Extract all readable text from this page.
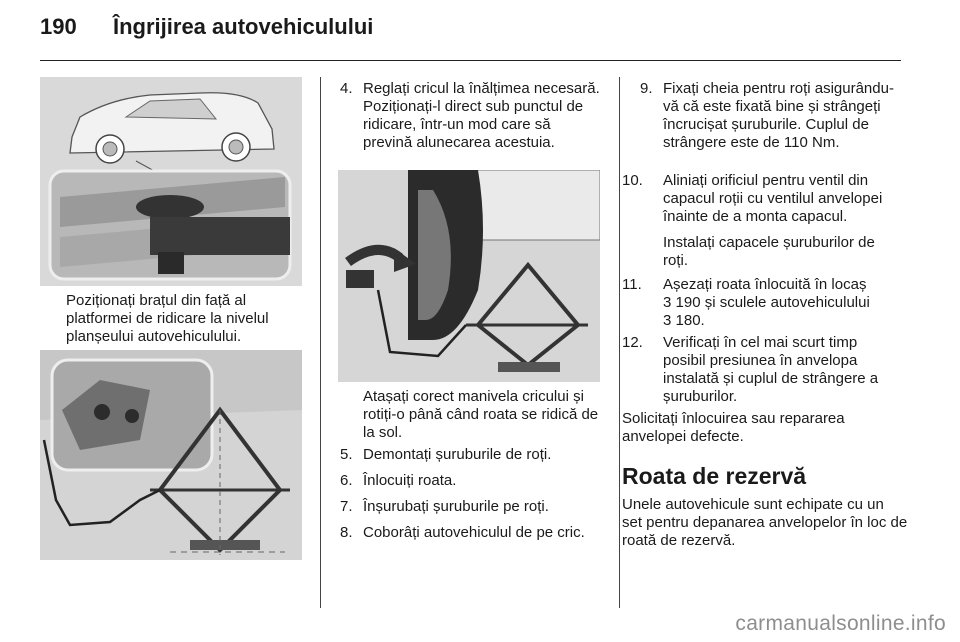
190 Îngrijirea autovehiculului
Poziționați brațul din față al platformei de ridicare la nivelul planșeului autovehiculului.
4. Reglați cricul la înălțimea necesară. Poziționați-l direct sub punctul de ridicare, într-un mod care să prevină alunecarea acestuia.
Atașați corect manivela cricului și rotiți-o până când roata se ridică de la sol.
5. Demontați șuruburile de roți.
6. Înlocuiți roata.
7. Înșurubați șuruburile pe roți.
8. Coborâți autovehiculul de pe cric.
9. Fixați cheia pentru roți asigurându-vă că este fixată bine și strângeți încrucișat șuruburile. Cuplul de strângere este de 110 Nm.
10. Aliniați orificiul pentru ventil din capacul roții cu ventilul anvelopei înainte de a monta capacul.
Instalați capacele șuruburilor de roți.
11. Așezați roata înlocuită în locaș
3 190 și sculele autovehiculului
3 180.
12. Verificați în cel mai scurt timp posibil presiunea în anvelopa instalată și cuplul de strângere a șuruburilor.
Solicitați înlocuirea sau repararea anvelopei defecte.
Roata de rezervă
Unele autovehicule sunt echipate cu un set pentru depanarea anvelopelor în loc de roată de rezervă.
carmanualsonline.info
